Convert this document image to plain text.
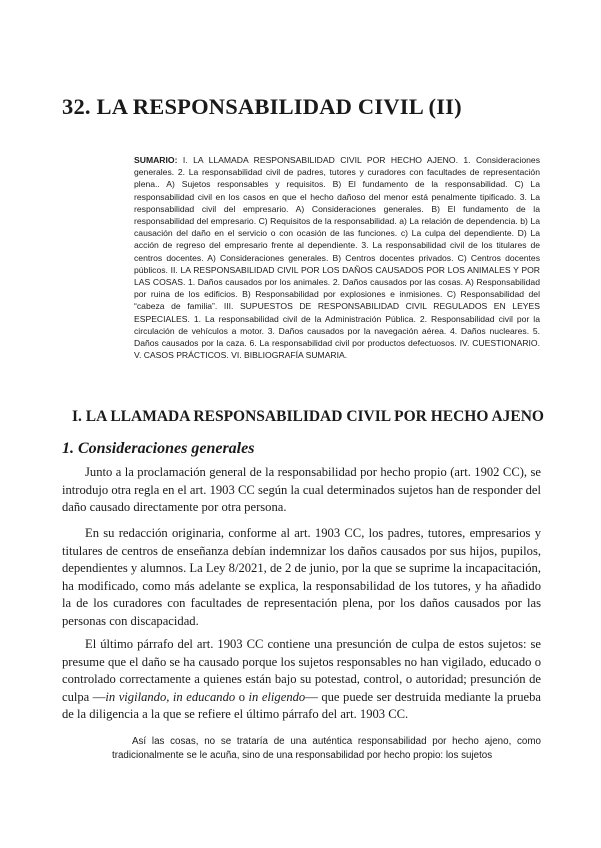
32. LA RESPONSABILIDAD CIVIL (II)

SUMARIO: I. LA LLAMADA RESPONSABILIDAD CIVIL POR HECHO AJENO. 1. Consideraciones generales. 2. La responsabilidad civil de padres, tutores y curadores con facultades de representación plena.. A) Sujetos responsables y requisitos. B) El fundamento de la responsabilidad. C) La responsabilidad civil en los casos en que el hecho dañoso del menor está penalmente tipificado. 3. La responsabilidad civil del empresario. A) Consideraciones generales. B) El fundamento de la responsabilidad del empresario. C) Requisitos de la responsabilidad. a) La relación de dependencia. b) La causación del daño en el servicio o con ocasión de las funciones. c) La culpa del dependiente. D) La acción de regreso del empresario frente al dependiente. 3. La responsabilidad civil de los titulares de centros docentes. A) Consideraciones generales. B) Centros docentes privados. C) Centros docentes públicos. II. LA RESPONSABILIDAD CIVIL POR LOS DAÑOS CAUSADOS POR LOS ANIMALES Y POR LAS COSAS. 1. Daños causados por los animales. 2. Daños causados por las cosas. A) Responsabilidad por ruina de los edificios. B) Responsabilidad por explosiones e inmisiones. C) Responsabilidad del “cabeza de familia”. III. SUPUESTOS DE RESPONSABILIDAD CIVIL REGULADOS EN LEYES ESPECIALES. 1. La responsabilidad civil de la Administración Pública. 2. Responsabilidad civil por la circulación de vehículos a motor. 3. Daños causados por la navegación aérea. 4. Daños nucleares. 5. Daños causados por la caza. 6. La responsabilidad civil por productos defectuosos. IV. CUESTIONARIO. V. CASOS PRÁCTICOS. VI. BIBLIOGRAFÍA SUMARIA.

I. LA LLAMADA RESPONSABILIDAD CIVIL POR HECHO AJENO
1. Consideraciones generales

Junto a la proclamación general de la responsabilidad por hecho propio (art. 1902 CC), se introdujo otra regla en el art. 1903 CC según la cual determinados sujetos han de responder del daño causado directamente por otra persona.

En su redacción originaria, conforme al art. 1903 CC, los padres, tutores, empresarios y titulares de centros de enseñanza debían indemnizar los daños causados por sus hijos, pupilos, dependientes y alumnos. La Ley 8/2021, de 2 de junio, por la que se suprime la incapacitación, ha modificado, como más adelante se explica, la responsabilidad de los tutores, y ha añadido la de los curadores con facultades de representación plena, por los daños causados por las personas con discapacidad.

El último párrafo del art. 1903 CC contiene una presunción de culpa de estos sujetos: se presume que el daño se ha causado porque los sujetos responsables no han vigilado, educado o controlado correctamente a quienes están bajo su potestad, control, o autoridad; presunción de culpa —in vigilando, in educando o in eligendo— que puede ser destruida mediante la prueba de la diligencia a la que se refiere el último párrafo del art. 1903 CC.

Así las cosas, no se trataría de una auténtica responsabilidad por hecho ajeno, como tradicionalmente se le acuña, sino de una responsabilidad por hecho propio: los sujetos
